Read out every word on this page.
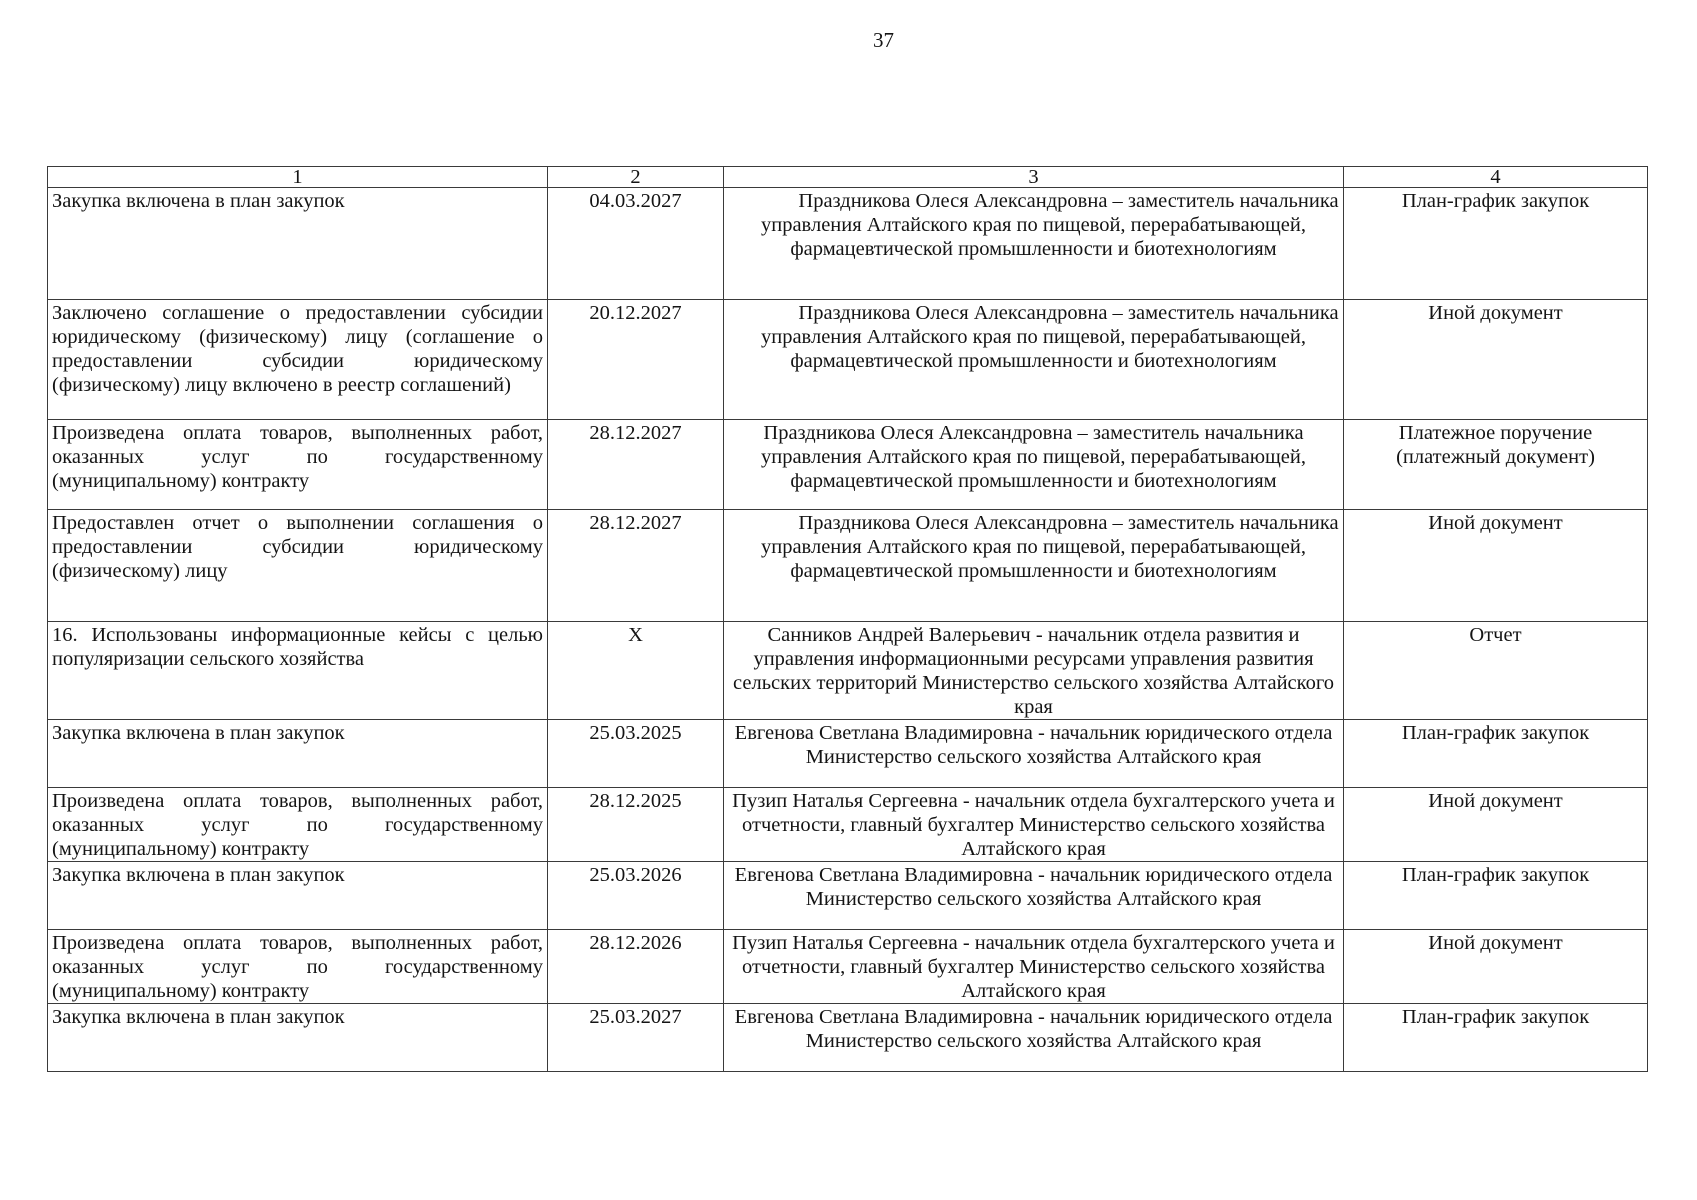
37
1	2	3	4
Закупка включена в план закупок	04.03.2027	Праздникова Олеся Александровна – заместитель начальника управления Алтайского края по пищевой, перерабатывающей, фармацевтической промышленности и биотехнологиям	План-график закупок
Заключено соглашение о предоставлении субсидии юридическому (физическому) лицу (соглашение о предоставлении субсидии юридическому (физическому) лицу включено в реестр соглашений)	20.12.2027	Праздникова Олеся Александровна – заместитель начальника управления Алтайского края по пищевой, перерабатывающей, фармацевтической промышленности и биотехнологиям	Иной документ
Произведена оплата товаров, выполненных работ, оказанных услуг по государственному (муниципальному) контракту	28.12.2027	Праздникова Олеся Александровна – заместитель начальника управления Алтайского края по пищевой, перерабатывающей, фармацевтической промышленности и биотехнологиям	Платежное поручение (платежный документ)
Предоставлен отчет о выполнении соглашения о предоставлении субсидии юридическому (физическому) лицу	28.12.2027	Праздникова Олеся Александровна – заместитель начальника управления Алтайского края по пищевой, перерабатывающей, фармацевтической промышленности и биотехнологиям	Иной документ
16. Использованы информационные кейсы с целью популяризации сельского хозяйства	X	Санников Андрей Валерьевич - начальник отдела развития и управления информационными ресурсами управления развития сельских территорий Министерство сельского хозяйства Алтайского края	Отчет
Закупка включена в план закупок	25.03.2025	Евгенова Светлана Владимировна - начальник юридического отдела Министерство сельского хозяйства Алтайского края	План-график закупок
Произведена оплата товаров, выполненных работ, оказанных услуг по государственному (муниципальному) контракту	28.12.2025	Пузип Наталья Сергеевна - начальник отдела бухгалтерского учета и отчетности, главный бухгалтер Министерство сельского хозяйства Алтайского края	Иной документ
Закупка включена в план закупок	25.03.2026	Евгенова Светлана Владимировна - начальник юридического отдела Министерство сельского хозяйства Алтайского края	План-график закупок
Произведена оплата товаров, выполненных работ, оказанных услуг по государственному (муниципальному) контракту	28.12.2026	Пузип Наталья Сергеевна - начальник отдела бухгалтерского учета и отчетности, главный бухгалтер Министерство сельского хозяйства Алтайского края	Иной документ
Закупка включена в план закупок	25.03.2027	Евгенова Светлана Владимировна - начальник юридического отдела Министерство сельского хозяйства Алтайского края	План-график закупок
